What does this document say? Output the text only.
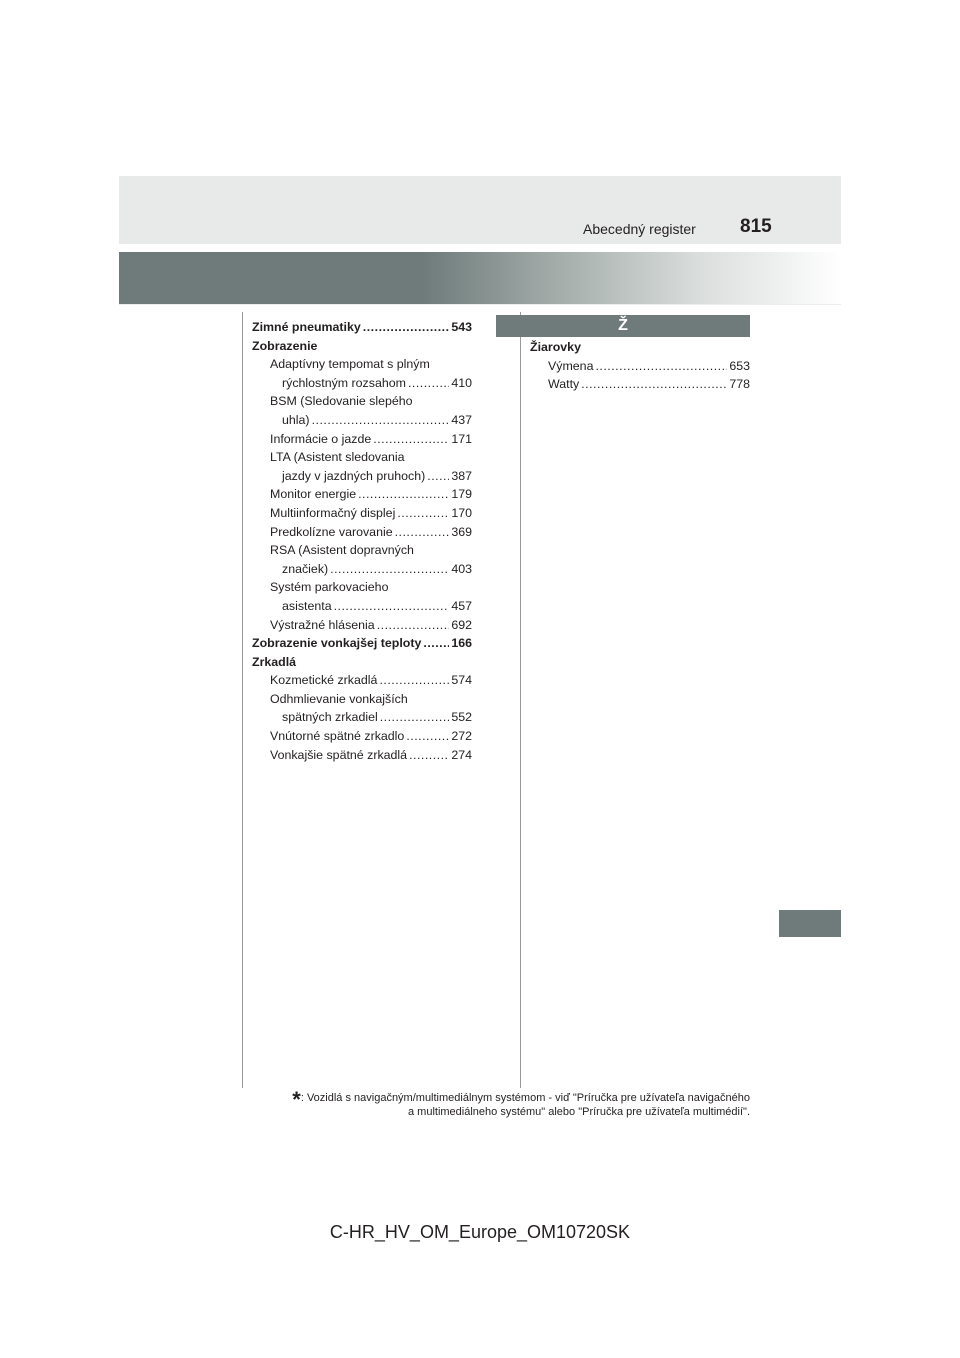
Abecedný register 815
Zimné pneumatiky .....	543
Zobrazenie
Adaptívny tempomat s plným
rýchlostným rozsahom .....	410
BSM (Sledovanie slepého
uhla) .....	437
Informácie o jazde .....	171
LTA (Asistent sledovania
jazdy v jazdných pruhoch) ..... 387
Monitor energie .....	179
Multiinformačný displej .....	170
Predkolízne varovanie .....	369
RSA (Asistent dopravných
značiek) .....	403
Systém parkovacieho
asistenta .....	457
Výstražné hlásenia .....	692
Zobrazenie vonkajšej teploty ..... 166
Zrkadlá
Kozmetické zrkadlá .....	574
Odhmlievanie vonkajších
spätných zrkadiel .....	552
Vnútorné spätné zrkadlo .....	272
Vonkajšie spätné zrkadlá .....	274
Ž
Žiarovky
Výmena .....	653
Watty .....	778
*: Vozidlá s navigačným/multimediálnym systémom - viď "Príručka pre užívateľa navigačného
a multimediálneho systému" alebo "Príručka pre užívateľa multimédií".
C-HR_HV_OM_Europe_OM10720SK
